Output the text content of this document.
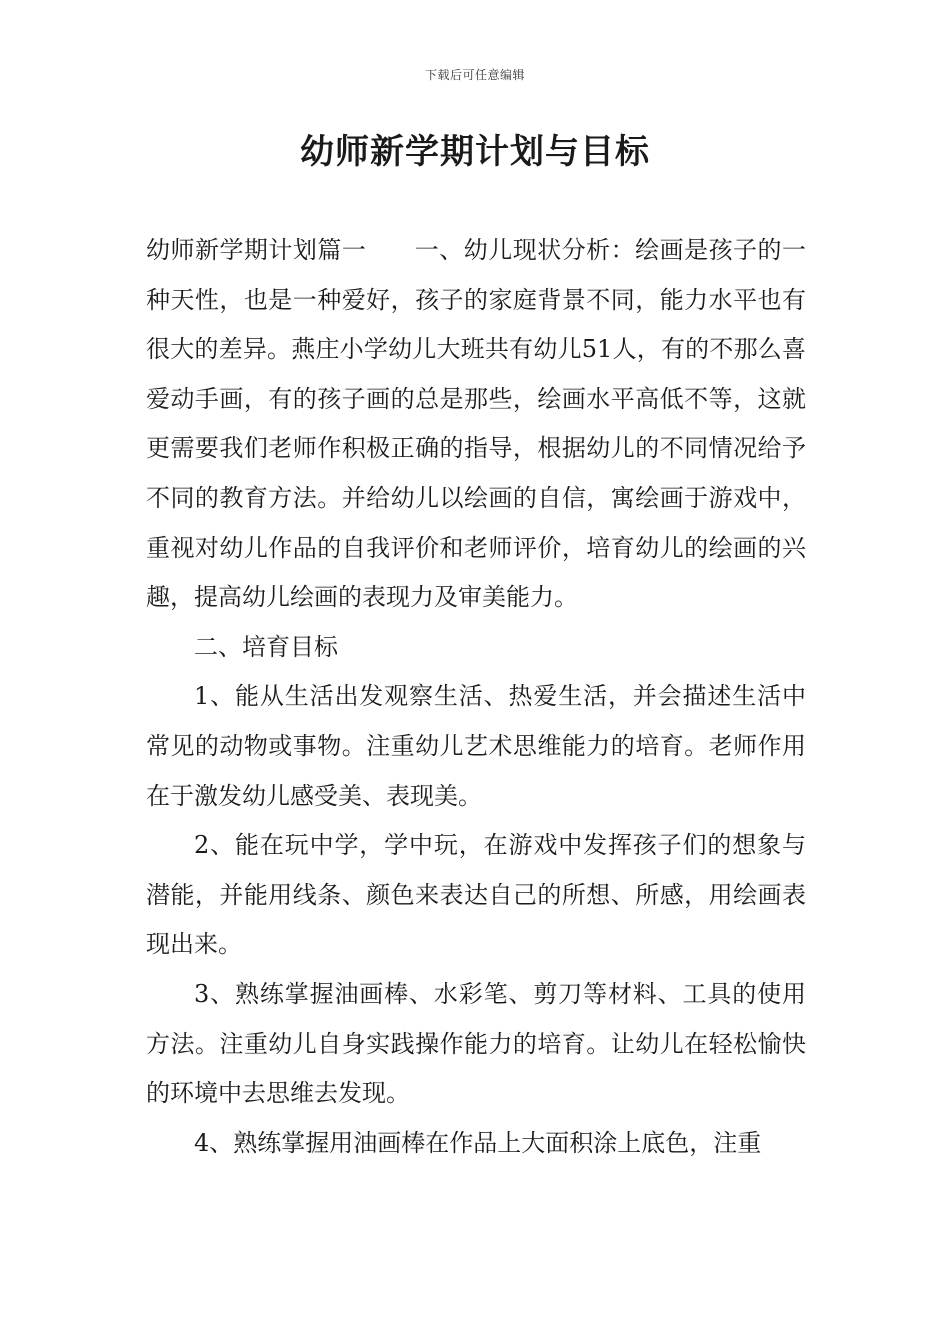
下载后可任意编辑
幼师新学期计划与目标

幼师新学期计划篇一 一、幼儿现状分析：绘画是孩子的一种天性，也是一种爱好，孩子的家庭背景不同，能力水平也有很大的差异。燕庄小学幼儿大班共有幼儿51人，有的不那么喜爱动手画，有的孩子画的总是那些，绘画水平高低不等，这就更需要我们老师作积极正确的指导，根据幼儿的不同情况给予不同的教育方法。并给幼儿以绘画的自信，寓绘画于游戏中，重视对幼儿作品的自我评价和老师评价，培育幼儿的绘画的兴趣，提高幼儿绘画的表现力及审美能力。

二、培育目标

1、能从生活出发观察生活、热爱生活，并会描述生活中常见的动物或事物。注重幼儿艺术思维能力的培育。老师作用在于激发幼儿感受美、表现美。

2、能在玩中学，学中玩，在游戏中发挥孩子们的想象与潜能，并能用线条、颜色来表达自己的所想、所感，用绘画表现出来。

3、熟练掌握油画棒、水彩笔、剪刀等材料、工具的使用方法。注重幼儿自身实践操作能力的培育。让幼儿在轻松愉快的环境中去思维去发现。

4、熟练掌握用油画棒在作品上大面积涂上底色，注重
